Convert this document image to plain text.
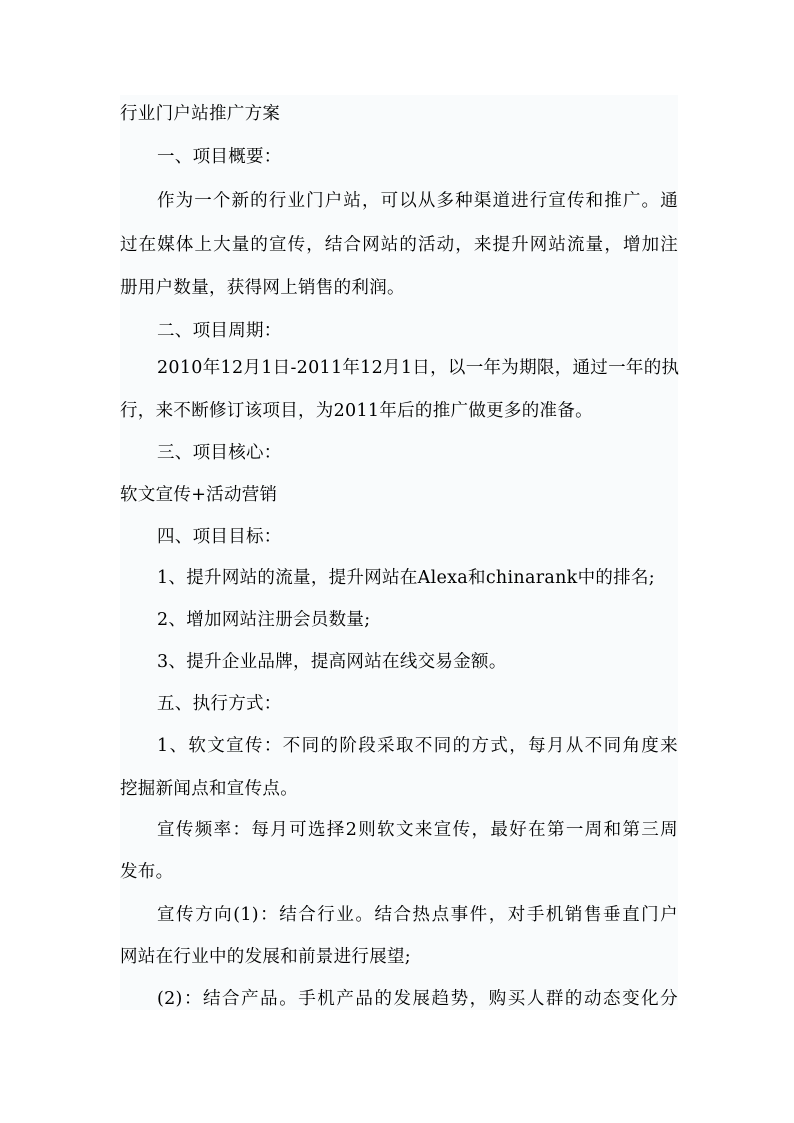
行业门户站推广方案
一、项目概要：
作为一个新的行业门户站，可以从多种渠道进行宣传和推广。通
过在媒体上大量的宣传，结合网站的活动，来提升网站流量，增加注
册用户数量，获得网上销售的利润。
二、项目周期：
2010年12月1日-2011年12月1日，以一年为期限，通过一年的执
行，来不断修订该项目，为2011年后的推广做更多的准备。
三、项目核心：
软文宣传+活动营销
四、项目目标：
1、提升网站的流量，提升网站在Alexa和chinarank中的排名;
2、增加网站注册会员数量;
3、提升企业品牌，提高网站在线交易金额。
五、执行方式：
1、软文宣传：不同的阶段采取不同的方式，每月从不同角度来
挖掘新闻点和宣传点。
宣传频率：每月可选择2则软文来宣传，最好在第一周和第三周
发布。
宣传方向(1)：结合行业。结合热点事件，对手机销售垂直门户
网站在行业中的发展和前景进行展望;
(2)：结合产品。手机产品的发展趋势，购买人群的动态变化分
